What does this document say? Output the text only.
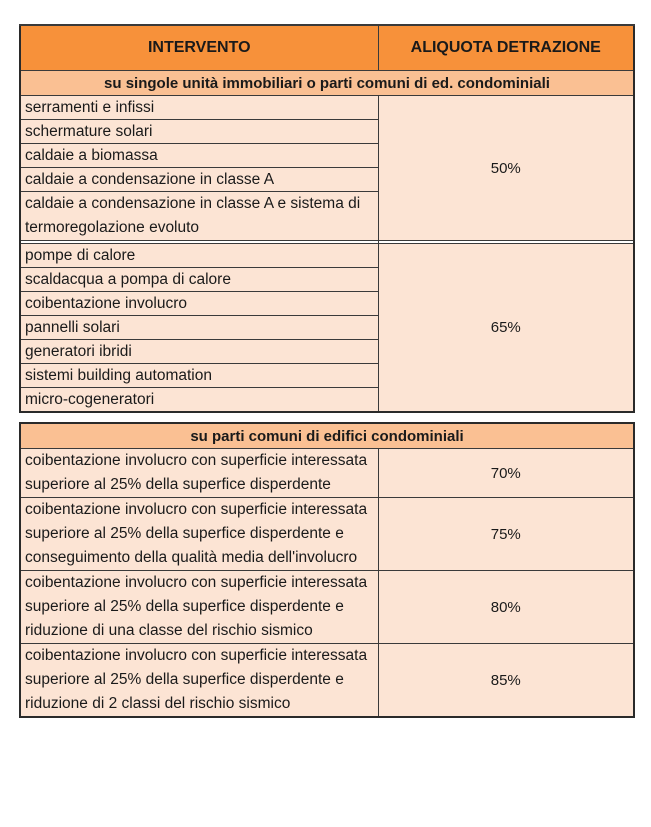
INTERVENTO	ALIQUOTA DETRAZIONE
su singole unità immobiliari o parti comuni di ed. condominiali	
serramenti e infissi	50%
schermature solari	
caldaie a biomassa	
caldaie a condensazione in classe A	
caldaie a condensazione in classe A e sistema di termoregolazione evoluto	

pompe di calore	65%
scaldacqua a pompa di calore	
coibentazione involucro	
pannelli solari	
generatori ibridi	
sistemi building automation	
micro-cogeneratori	
su parti comuni di edifici condominiali	
coibentazione involucro con superficie interessata superiore al 25% della superfice disperdente	70%
coibentazione involucro con superficie interessata superiore al 25% della superfice disperdente e conseguimento della qualità media dell'involucro	75%
coibentazione involucro con superficie interessata superiore al 25% della superfice disperdente e riduzione di una classe del rischio sismico	80%
coibentazione involucro con superficie interessata superiore al 25% della superfice disperdente e riduzione di 2 classi del rischio sismico	85%
